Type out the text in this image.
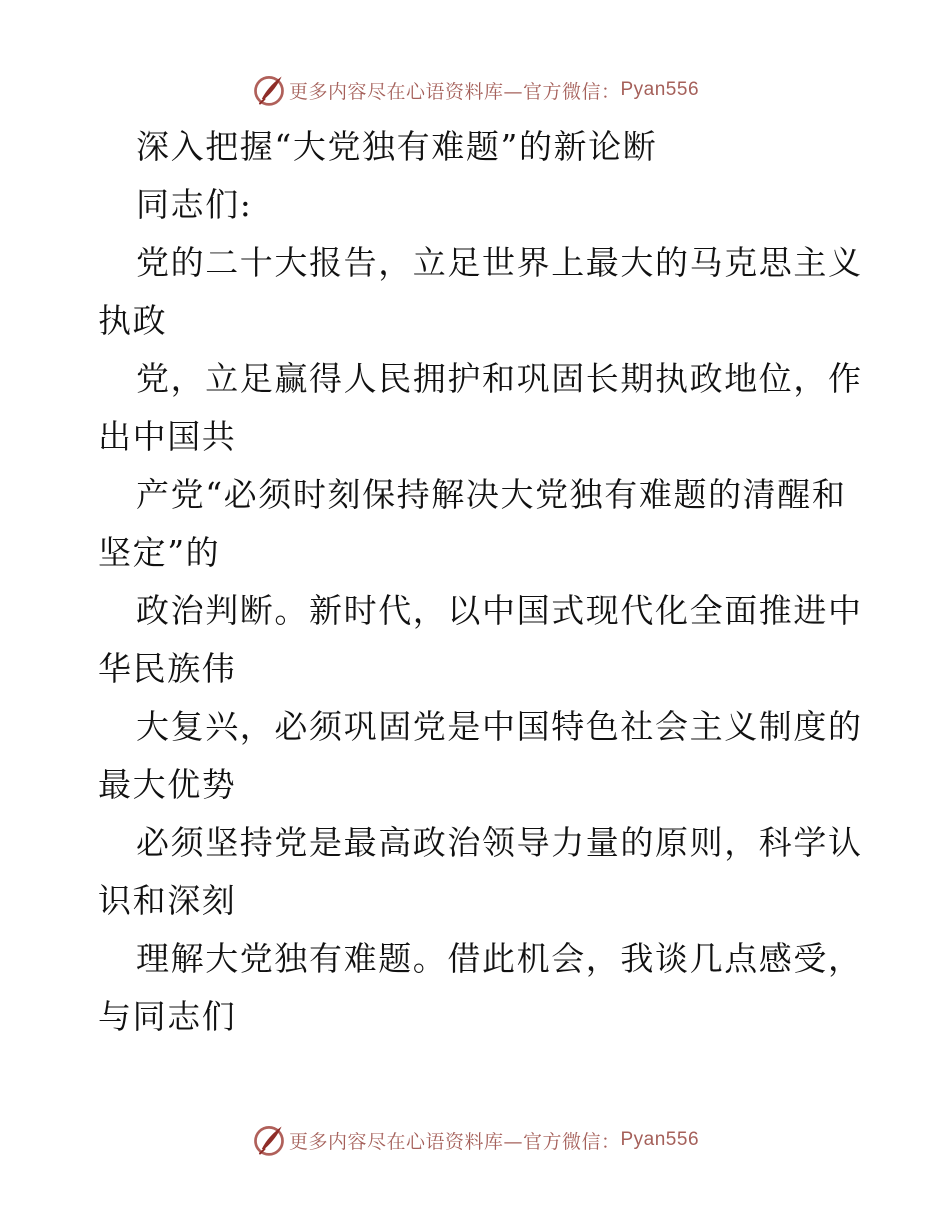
更多内容尽在心语资料库—官方微信： Pyan556
深入把握“大党独有难题”的新论断
同志们:
党的二十大报告，立足世界上最大的马克思主义
执政
党，立足赢得人民拥护和巩固长期执政地位，作
出中国共
产党“必须时刻保持解决大党独有难题的清醒和
坚定”的
政治判断。新时代，以中国式现代化全面推进中
华民族伟
大复兴，必须巩固党是中国特色社会主义制度的
最大优势
必须坚持党是最高政治领导力量的原则，科学认
识和深刻
理解大党独有难题。借此机会，我谈几点感受，
与同志们
更多内容尽在心语资料库—官方微信： Pyan556
